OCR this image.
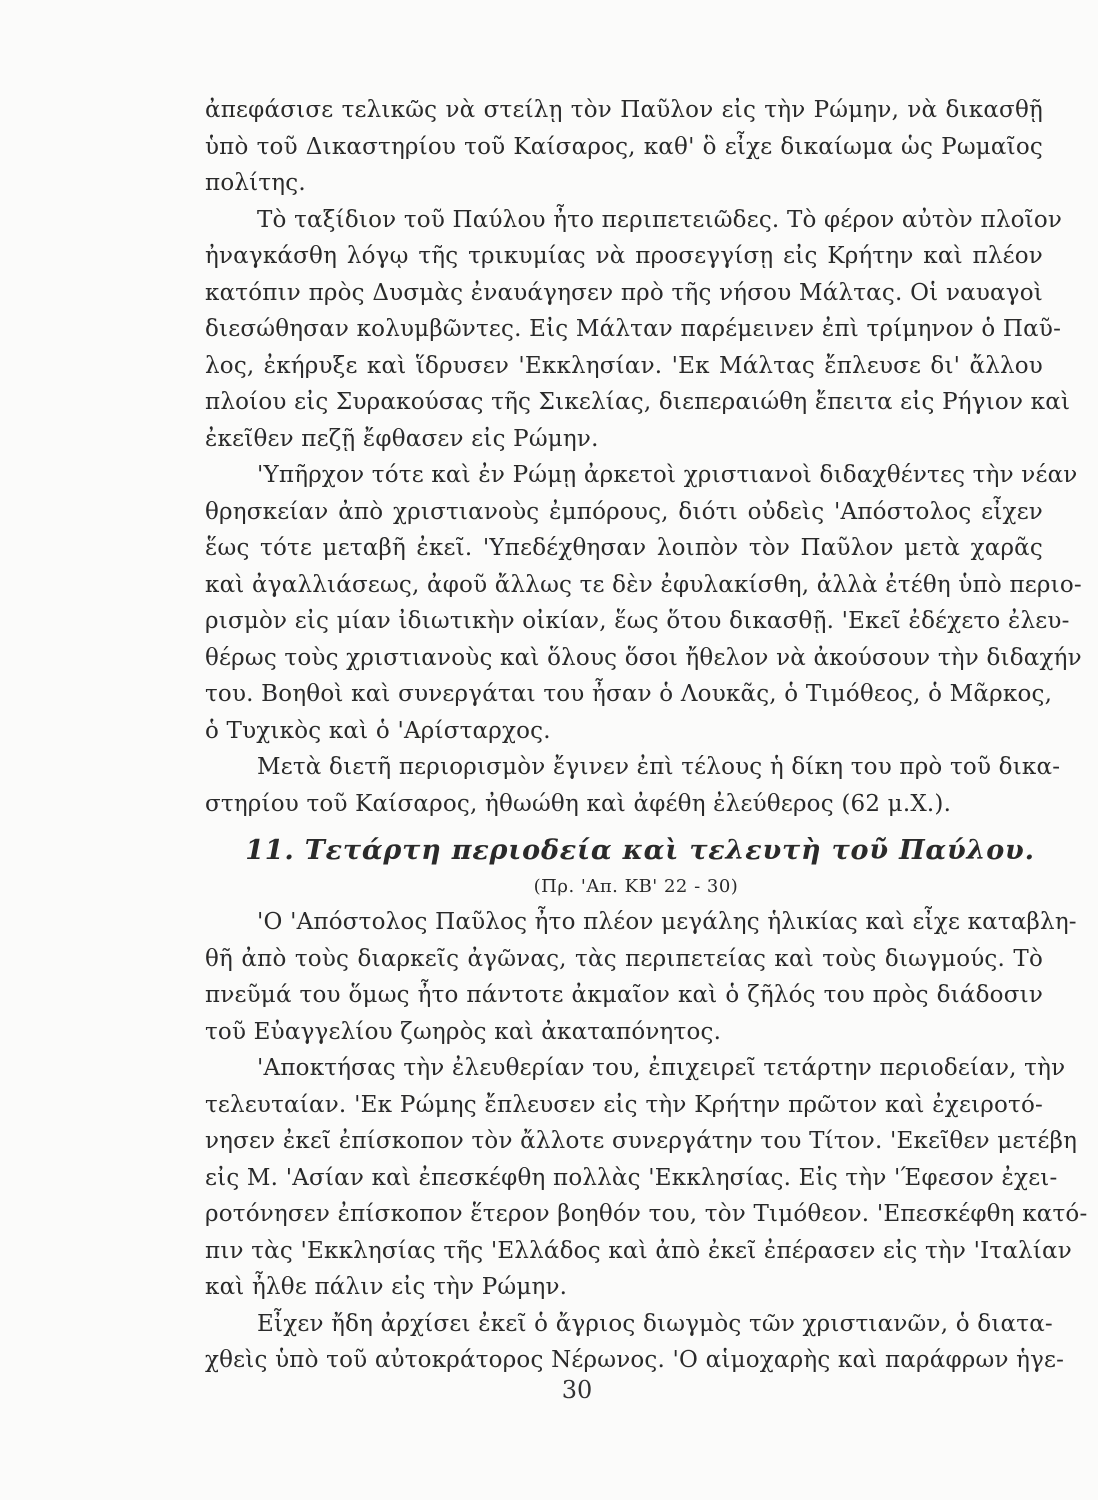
ἀπεφάσισε τελικῶς νὰ στείλῃ τὸν Παῦλον εἰς τὴν Ρώμην, νὰ δικασθῇ
ὑπὸ τοῦ Δικαστηρίου τοῦ Καίσαρος, καθ' ὃ εἶχε δικαίωμα ὡς Ρωμαῖος
πολίτης.
Τὸ ταξίδιον τοῦ Παύλου ἦτο περιπετειῶδες. Τὸ φέρον αὐτὸν πλοῖον
ἠναγκάσθη λόγῳ τῆς τρικυμίας νὰ προσεγγίσῃ εἰς Κρήτην καὶ πλέον
κατόπιν πρὸς Δυσμὰς ἐναυάγησεν πρὸ τῆς νήσου Μάλτας. Οἱ ναυαγοὶ
διεσώθησαν κολυμβῶντες. Εἰς Μάλταν παρέμεινεν ἐπὶ τρίμηνον ὁ Παῦ-
λος, ἐκήρυξε καὶ ἵδρυσεν 'Εκκλησίαν. 'Εκ Μάλτας ἔπλευσε δι' ἄλλου
πλοίου εἰς Συρακούσας τῆς Σικελίας, διεπεραιώθη ἔπειτα εἰς Ρήγιον καὶ
ἐκεῖθεν πεζῇ ἔφθασεν εἰς Ρώμην.
'Υπῆρχον τότε καὶ ἐν Ρώμῃ ἀρκετοὶ χριστιανοὶ διδαχθέντες τὴν νέαν
θρησκείαν ἀπὸ χριστιανοὺς ἐμπόρους, διότι οὐδεὶς 'Απόστολος εἶχεν
ἕως τότε μεταβῆ ἐκεῖ. 'Υπεδέχθησαν λοιπὸν τὸν Παῦλον μετὰ χαρᾶς
καὶ ἀγαλλιάσεως, ἀφοῦ ἄλλως τε δὲν ἐφυλακίσθη, ἀλλὰ ἐτέθη ὑπὸ περιο-
ρισμὸν εἰς μίαν ἰδιωτικὴν οἰκίαν, ἕως ὅτου δικασθῇ. 'Εκεῖ ἐδέχετο ἐλευ-
θέρως τοὺς χριστιανοὺς καὶ ὅλους ὅσοι ἤθελον νὰ ἀκούσουν τὴν διδαχήν
του. Βοηθοὶ καὶ συνεργάται του ἦσαν ὁ Λουκᾶς, ὁ Τιμόθεος, ὁ Μᾶρκος,
ὁ Τυχικὸς καὶ ὁ 'Αρίσταρχος.
Μετὰ διετῆ περιορισμὸν ἔγινεν ἐπὶ τέλους ἡ δίκη του πρὸ τοῦ δικα-
στηρίου τοῦ Καίσαρος, ἠθωώθη καὶ ἀφέθη ἐλεύθερος (62 μ.Χ.).
11. Τετάρτη περιοδεία καὶ τελευτὴ τοῦ Παύλου.
(Πρ. 'Απ. ΚΒ' 22 - 30)
'Ο 'Απόστολος Παῦλος ἦτο πλέον μεγάλης ἡλικίας καὶ εἶχε καταβλη-
θῆ ἀπὸ τοὺς διαρκεῖς ἀγῶνας, τὰς περιπετείας καὶ τοὺς διωγμούς. Τὸ
πνεῦμά του ὅμως ἦτο πάντοτε ἀκμαῖον καὶ ὁ ζῆλός του πρὸς διάδοσιν
τοῦ Εὐαγγελίου ζωηρὸς καὶ ἀκαταπόνητος.
'Αποκτήσας τὴν ἐλευθερίαν του, ἐπιχειρεῖ τετάρτην περιοδείαν, τὴν
τελευταίαν. 'Εκ Ρώμης ἔπλευσεν εἰς τὴν Κρήτην πρῶτον καὶ ἐχειροτό-
νησεν ἐκεῖ ἐπίσκοπον τὸν ἄλλοτε συνεργάτην του Τίτον. 'Εκεῖθεν μετέβη
εἰς Μ. 'Ασίαν καὶ ἐπεσκέφθη πολλὰς 'Εκκλησίας. Εἰς τὴν 'Έφεσον ἐχει-
ροτόνησεν ἐπίσκοπον ἕτερον βοηθόν του, τὸν Τιμόθεον. 'Επεσκέφθη κατό-
πιν τὰς 'Εκκλησίας τῆς 'Ελλάδος καὶ ἀπὸ ἐκεῖ ἐπέρασεν εἰς τὴν 'Ιταλίαν
καὶ ἦλθε πάλιν εἰς τὴν Ρώμην.
Εἶχεν ἤδη ἀρχίσει ἐκεῖ ὁ ἄγριος διωγμὸς τῶν χριστιανῶν, ὁ διατα-
χθεὶς ὑπὸ τοῦ αὐτοκράτορος Νέρωνος. 'Ο αἱμοχαρὴς καὶ παράφρων ἡγε-
30
